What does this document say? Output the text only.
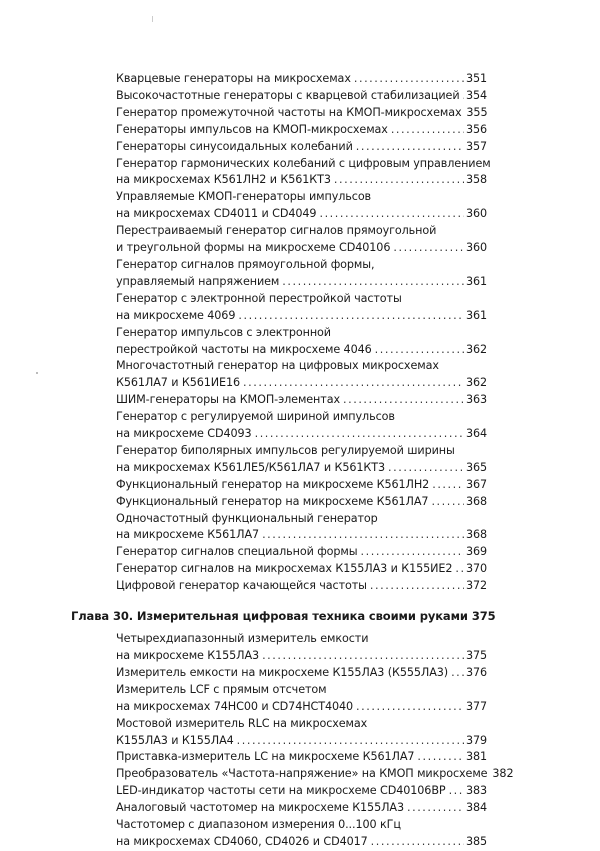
Кварцевые генераторы на микросхемах . . .	351
Высокочастотные генераторы с кварцевой стабилизацией . . . 354
Генератор промежуточной частоты на КМОП-микросхемах 355
Генераторы импульсов на КМОП-микросхемах . . .	356
Генераторы синусоидальных колебаний . . .	357
Генератор гармонических колебаний с цифровым управлением
на микросхемах К561ЛН2 и К561КТ3 . . .	358
Управляемые КМОП-генераторы импульсов
на микросхемах CD4011 и CD4049 . . .	360
Перестраиваемый генератор сигналов прямоугольной
и треугольной формы на микросхеме CD40106 . . .	360
Генератор сигналов прямоугольной формы,
управляемый напряжением . . .	361
Генератор с электронной перестройкой частоты
на микросхеме 4069 . . .	361
Генератор импульсов с электронной
перестройкой частоты на микросхеме 4046 . . .	362
Многочастотный генератор на цифровых микросхемах
К561ЛА7 и К561ИЕ16 . . .	362
ШИМ-генераторы на КМОП-элементах . . .	363
Генератор с регулируемой шириной импульсов
на микросхеме CD4093 . . .	364
Генератор биполярных импульсов регулируемой ширины
на микросхемах К561ЛЕ5/К561ЛА7 и К561КТ3 . . .	365
Функциональный генератор на микросхеме К561ЛН2 . . .	367
Функциональный генератор на микросхеме К561ЛА7 . . .	368
Одночастотный функциональный генератор
на микросхеме К561ЛА7 . . .	368
Генератор сигналов специальной формы . . .	369
Генератор сигналов на микросхемах К155ЛА3 и К155ИЕ2 . . . 370
Цифровой генератор качающейся частоты . . .	372
Глава 30. Измерительная цифровая техника своими руками 375
Четырехдиапазонный измеритель емкости
на микросхеме К155ЛА3 . . .	375
Измеритель емкости на микросхеме К155ЛА3 (К555ЛА3) . . . 376
Измеритель LCF с прямым отсчетом
на микросхемах 74HC00 и CD74HCT4040 . . .	377
Мостовой измеритель RLC на микросхемах
К155ЛА3 и К155ЛА4 . . .	379
Приставка-измеритель LC на микросхеме К561ЛА7 . . .	381
Преобразователь «Частота-напряжение» на КМОП микросхеме 382
LED-индикатор частоты сети на микросхеме CD40106BP . . . 383
Аналоговый частотомер на микросхеме К155ЛА3 . . .	384
Частотомер с диапазоном измерения 0...100 кГц
на микросхемах CD4060, CD4026 и CD4017 . . .	385
